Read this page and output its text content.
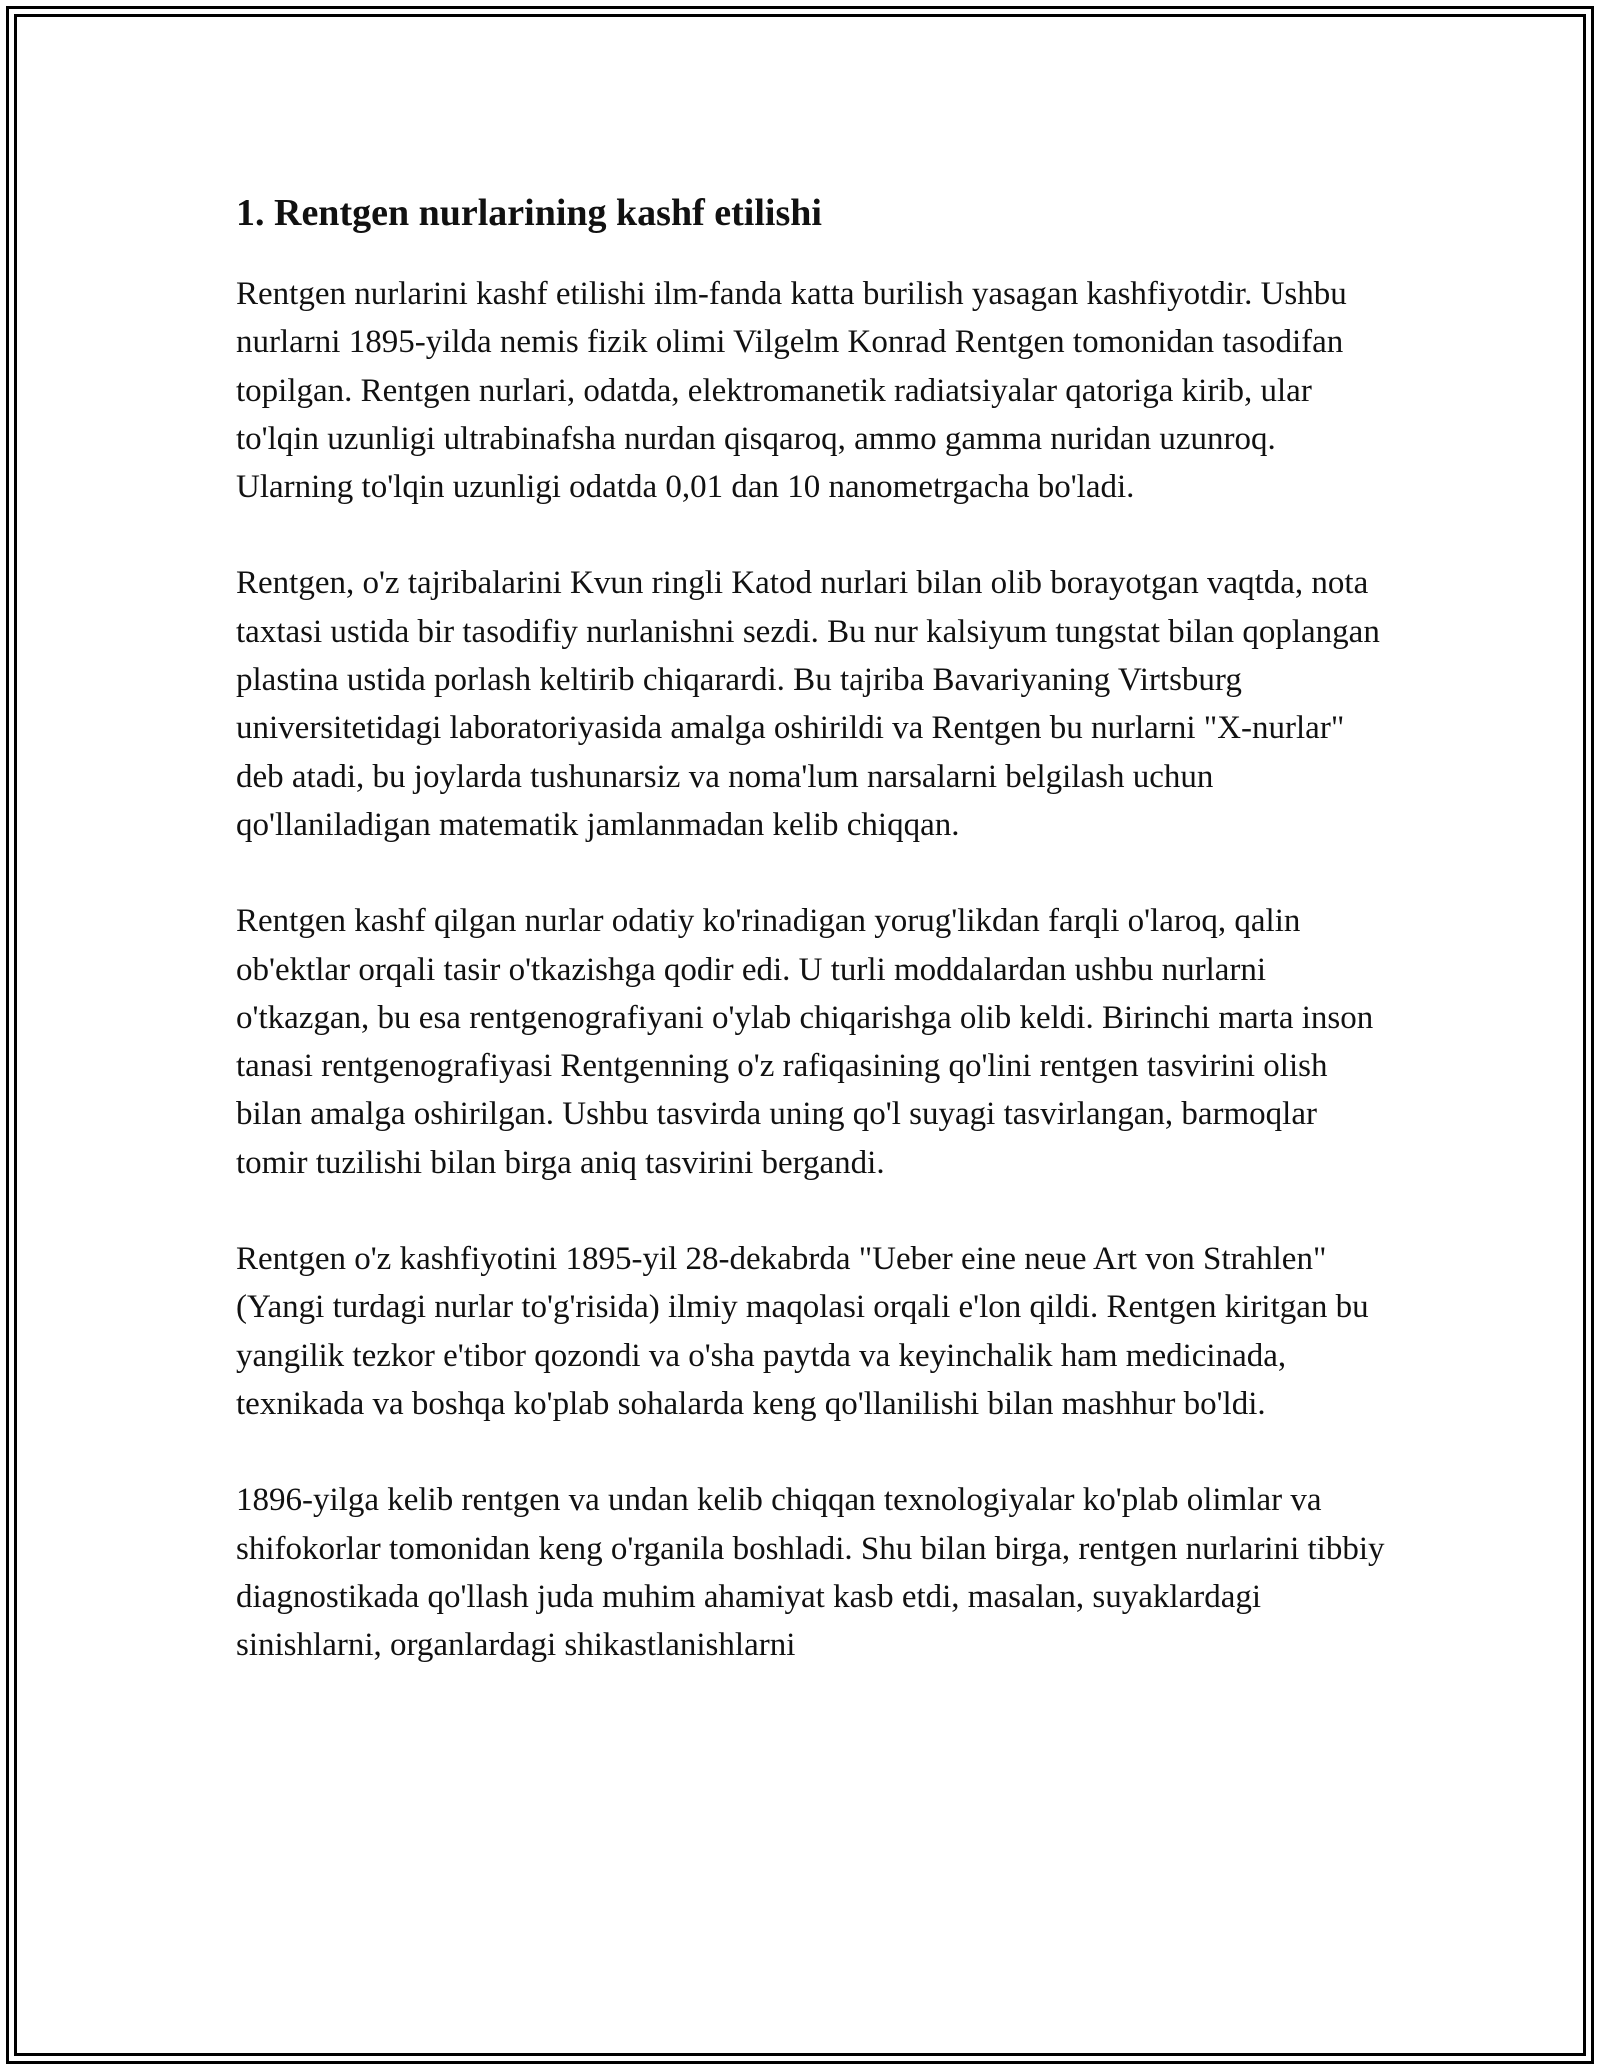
1. Rentgen nurlarining kashf etilishi

Rentgen nurlarini kashf etilishi ilm-fanda katta burilish yasagan kashfiyotdir. Ushbu nurlarni 1895-yilda nemis fizik olimi Vilgelm Konrad Rentgen tomonidan tasodifan topilgan. Rentgen nurlari, odatda, elektromanetik radiatsiyalar qatoriga kirib, ular to'lqin uzunligi ultrabinafsha nurdan qisqaroq, ammo gamma nuridan uzunroq. Ularning to'lqin uzunligi odatda 0,01 dan 10 nanometrgacha bo'ladi.

Rentgen, o'z tajribalarini Kvun ringli Katod nurlari bilan olib borayotgan vaqtda, nota taxtasi ustida bir tasodifiy nurlanishni sezdi. Bu nur kalsiyum tungstat bilan qoplangan plastina ustida porlash keltirib chiqarardi. Bu tajriba Bavariyaning Virtsburg universitetidagi laboratoriyasida amalga oshirildi va Rentgen bu nurlarni "X-nurlar" deb atadi, bu joylarda tushunarsiz va noma'lum narsalarni belgilash uchun qo'llaniladigan matematik jamlanmadan kelib chiqqan.

Rentgen kashf qilgan nurlar odatiy ko'rinadigan yorug'likdan farqli o'laroq, qalin ob'ektlar orqali tasir o'tkazishga qodir edi. U turli moddalardan ushbu nurlarni o'tkazgan, bu esa rentgenografiyani o'ylab chiqarishga olib keldi. Birinchi marta inson tanasi rentgenografiyasi Rentgenning o'z rafiqasining qo'lini rentgen tasvirini olish bilan amalga oshirilgan. Ushbu tasvirda uning qo'l suyagi tasvirlangan, barmoqlar tomir tuzilishi bilan birga aniq tasvirini bergandi.

Rentgen o'z kashfiyotini 1895-yil 28-dekabrda "Ueber eine neue Art von Strahlen" (Yangi turdagi nurlar to'g'risida) ilmiy maqolasi orqali e'lon qildi. Rentgen kiritgan bu yangilik tezkor e'tibor qozondi va o'sha paytda va keyinchalik ham medicinada, texnikada va boshqa ko'plab sohalarda keng qo'llanilishi bilan mashhur bo'ldi.

1896-yilga kelib rentgen va undan kelib chiqqan texnologiyalar ko'plab olimlar va shifokorlar tomonidan keng o'rganila boshladi. Shu bilan birga, rentgen nurlarini tibbiy diagnostikada qo'llash juda muhim ahamiyat kasb etdi, masalan, suyaklardagi sinishlarni, organlardagi shikastlanishlarni
